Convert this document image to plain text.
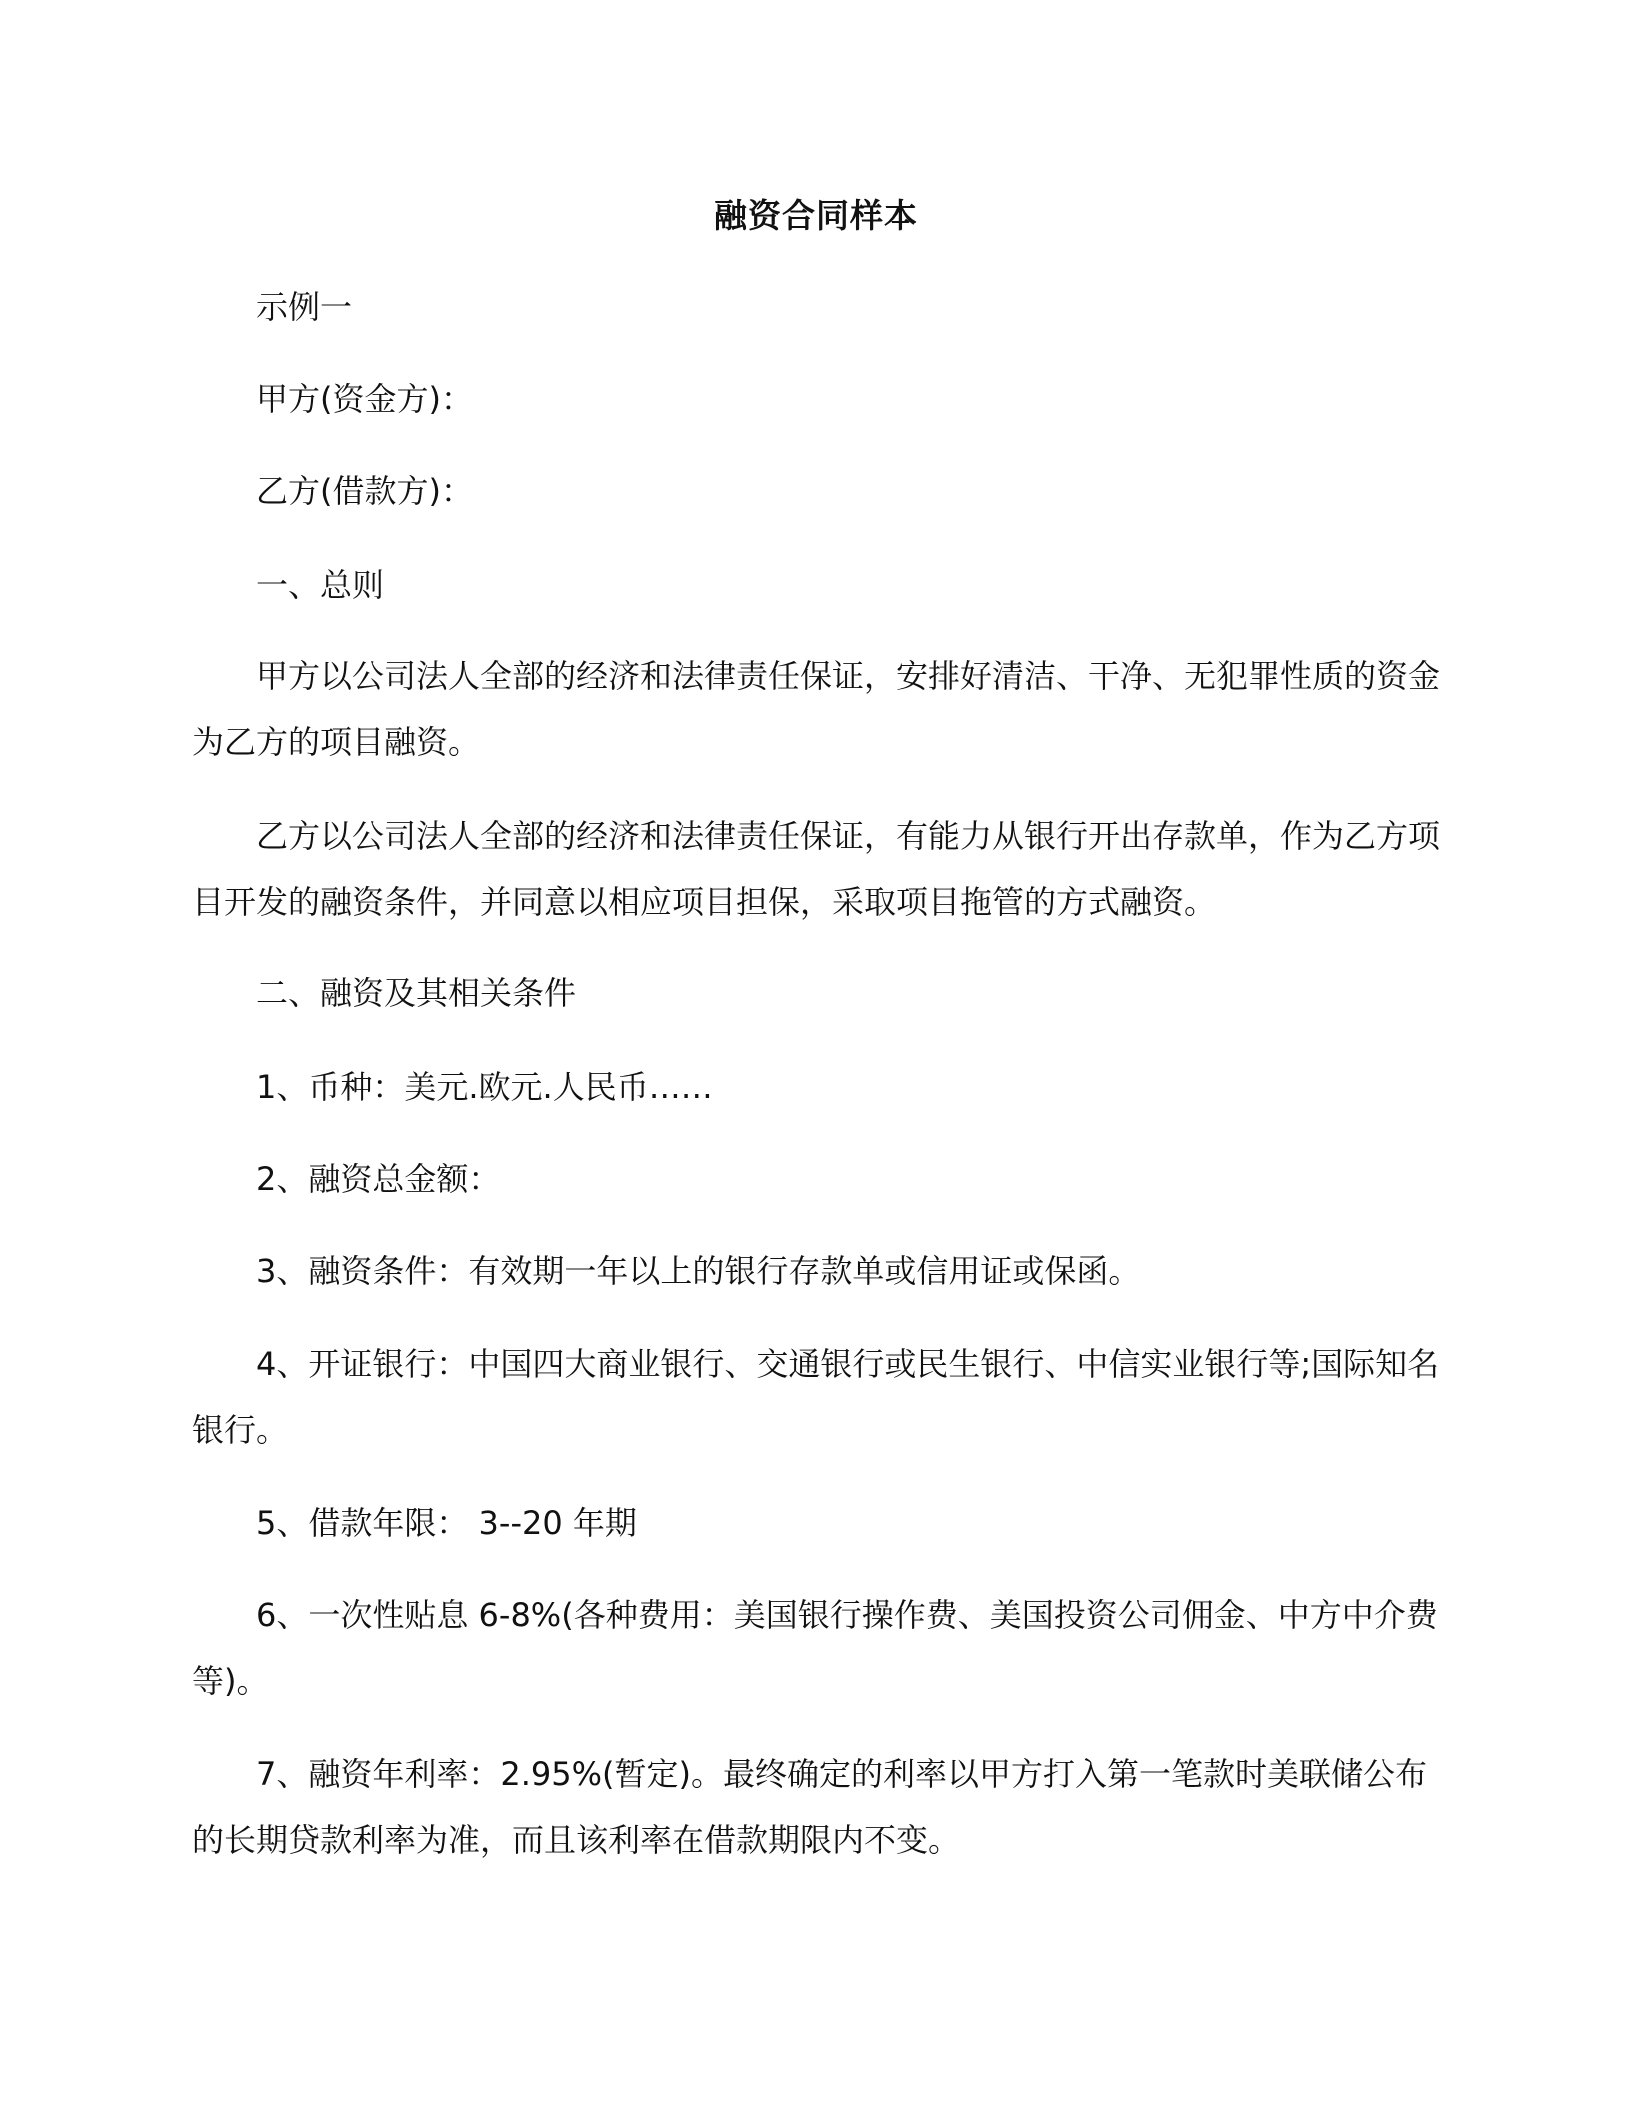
融资合同样本

示例一

甲方(资金方)：

乙方(借款方)：

一、总则

甲方以公司法人全部的经济和法律责任保证，安排好清洁、干净、无犯罪性质的资金为乙方的项目融资。

乙方以公司法人全部的经济和法律责任保证，有能力从银行开出存款单，作为乙方项目开发的融资条件，并同意以相应项目担保，采取项目拖管的方式融资。

二、融资及其相关条件

1、币种：美元.欧元.人民币……

2、融资总金额：

3、融资条件：有效期一年以上的银行存款单或信用证或保函。

4、开证银行：中国四大商业银行、交通银行或民生银行、中信实业银行等;国际知名银行。

5、借款年限： 3--20 年期

6、一次性贴息 6-8%(各种费用：美国银行操作费、美国投资公司佣金、中方中介费等)。

7、融资年利率：2.95%(暂定)。最终确定的利率以甲方打入第一笔款时美联储公布的长期贷款利率为准，而且该利率在借款期限内不变。
